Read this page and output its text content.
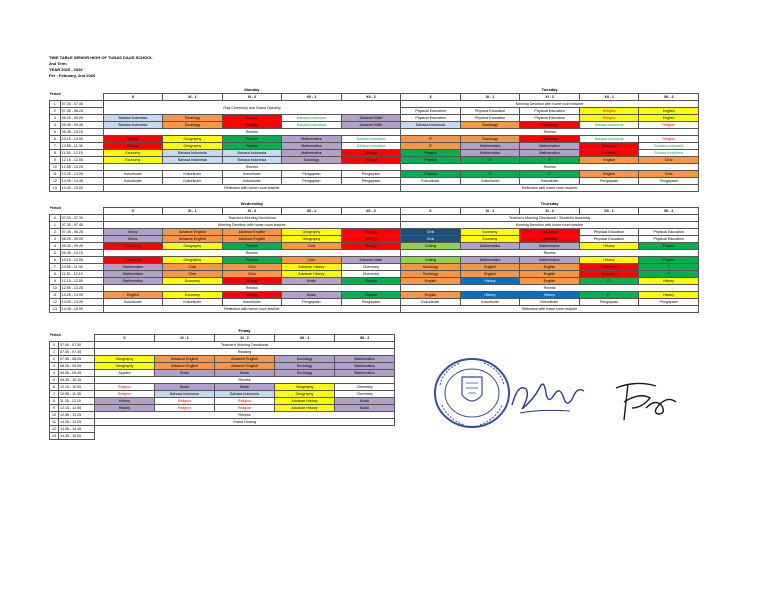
TIME TABLE SENIOR HIGH OF TUNAS DAUD SCHOOL
2nd Term
YEAR 2025 - 2026
Per : February, 2nd 2026
Period		Monday					Tuesday				
		X	XI - 1	XI - 2	XII - 1	XII - 2	X	XI - 1	XI - 2	XII - 1	XII - 2
1	07.30 - 07.45	Flag Ceremony and Grand Opening					Morning Devotion with home room teacher				
2	07.45 - 08.25						Physical Education	Physical Education	Physical Education	Religion	English
3	08.25 - 09.05	Bahasa Indonesia	Sociology	Biology	Bahasa Indonesia	Advance Math	Physical Education	Physical Education	Physical Education	Religion	English
4	09.05 - 09.45	Bahasa Indonesia	Sociology	Biology	Bahasa Indonesia	Advance Math	Bahasa Indonesia	Sociology	Chemistry	Bahasa Indonesia	Religion
5	09.45 - 10.15	Recess					Recess				
6	10.15 - 10.55	Biology	Geography	Physics	Mathematics	Bahasa Indonesia	IT	Sociology	Chemistry	Bahasa Indonesia	Religion
7	10.55 - 11.35	Biology	Geography	Physics	Mathematics	Bahasa Indonesia	IT	Mathematics	Mathematics	Economy	Bahasa Indonesia
8	11.35 - 12.15	Economy	Bahasa Indonesia	Bahasa Indonesia	Mathematics	Biology	Physics	Mathematics	Mathematics	Economy	Bahasa Indonesia
9	12.15 - 12.55	Economy	Bahasa Indonesia	Bahasa Indonesia	Sociology	Biology	Physics	IT	IT	English	Civic
10	12.55 - 13.25	Recess					Recess				
11	13.25 - 14.05	Kokurikuler	Kokurikuler	Kokurikuler	Pengayaan	Pengayaan	Physics	IT	IT	English	Civic
12	14.05 - 14.45	Kokurikuler	Kokurikuler	Kokurikuler	Pengayaan	Pengayaan	Kokurikuler	Kokurikuler	Kokurikuler	Pengayaan	Pengayaan
13	14.45 - 15.00	Reflection with home room teacher					Reflection with home room teacher				
Period		Wednesday					Thursday				
		X	XI - 1	XI - 2	XII - 1	XII - 2	X	XI - 1	XI - 2	XII - 1	XII - 2
0	07.00 - 07.30	Teacher's Morning Devotional					Teacher's Morning Devotional / Student's Assembly				
1	07.30 - 07.45	Morning Devotion with home room teacher					Morning Devotion with home room teacher				
2	07.45 - 08.25	Music	Advance English	Advance English	Geography	Biology	Civic	Economy	Chemistry	Physical Education	Physical Education
3	08.25 - 09.05	Music	Advance English	Advance English	Geography	Biology	Civic	Economy	Chemistry	Physical Education	Physical Education
4	09.05 - 09.45	Chemistry	Geography	Physics	Civic	Biology	Coding	Mathematics	Mathematics	History	Physics
5	09.45 - 10.15	Recess					Recess				
6	10.15 - 10.55	Chemistry	Geography	Physics	Civic	Advance Math	Coding	Mathematics	Mathematics	History	Physics
7	10.55 - 11.35	Mathematics	Civic	Civic	Advance History	Chemistry	Sociology	English	English	Economy	IT
8	11.35 - 12.15	Mathematics	Civic	Civic	Advance History	Chemistry	Sociology	English	English	Economy	IT
9	12.15 - 12.55	Mathematics	Economy	Biology	Music	Physics	English	History	English	IT	History
10	12.55 - 13.25	Recess					Recess				
11	13.25 - 14.05	English	Economy	Biology	Music	Physics	English	History	History	IT	History
12	14.05 - 14.45	Kokurikuler	Kokurikuler	Kokurikuler	Pengayaan	Pengayaan	Kokurikuler	Kokurikuler	Kokurikuler	Pengayaan	Pengayaan
13	14.45 - 15.00	Reflection with home room teacher					Reflection with home room teacher				
Period		Friday				
		X	XI - 1	XI - 2	XII - 1	XII - 2
0	07.00 - 07.30	Teacher's Morning Devotional				
1	07.30 - 07.45	Reading				
2	07.45 - 08.25	Geography	Advance English	Advance English	Sociology	Mathematics
3	08.25 - 09.05	Geography	Advance English	Advance English	Sociology	Mathematics
4	09.05 - 09.45	Applied	Music	Music	Sociology	Mathematics
5	09.45 - 10.15	Recess				
6	10.15 - 10.55	Religion	Music	Music	Geography	Chemistry
7	10.55 - 11.35	Religion	Bahasa Indonesia	Bahasa Indonesia	Geography	Chemistry
8	11.35 - 12.15	History	Religion	Religion	Advance History	Music
9	12.15 - 12.55	History	Religion	Religion	Advance History	Music
10	12.55 - 13.25	Recess				
11	13.25 - 14.05	Grand Closing				
12	14.05 - 14.45					
13	14.45 - 15.00					
